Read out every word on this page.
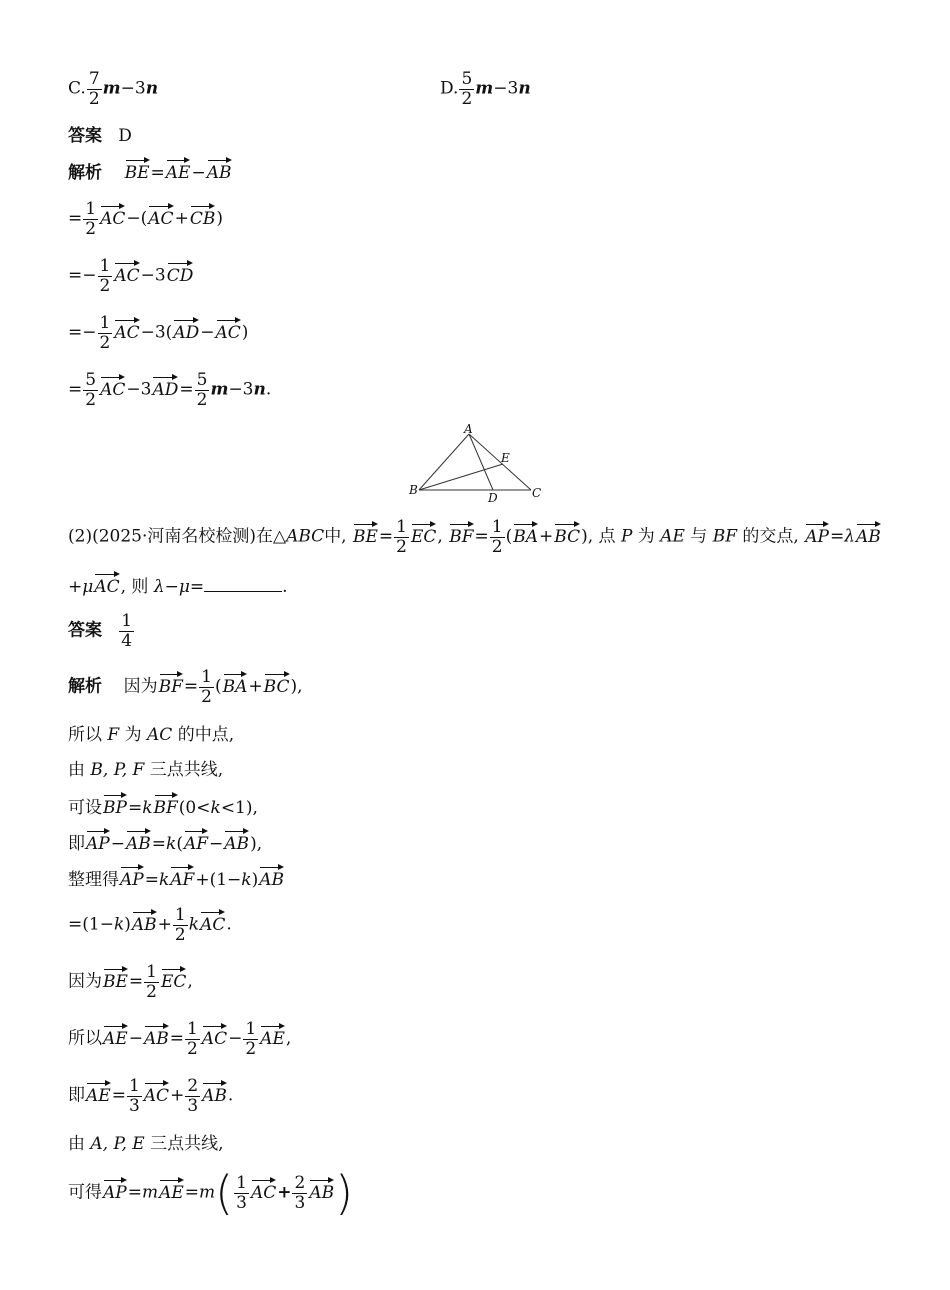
C. $\frac{7}{2} m-3n$	D. $\frac{5}{2} m-3n$
答案 D
解析 BE=AE−AB
= $\frac{1}{2} AC-(AC+CB)$
=− $\frac{1}{2} AC-3CD$
=− $\frac{1}{2} AC-3(AD-AC)$
= $\frac{5}{2} AC-3AD= \frac{5}{2} m-3n$.
A
B	C
D
E
(2)(2025·河南名校检测)在△ABC中, $BE= \frac{1}{2}$ EC, $BF= \frac{1}{2} (BA+BC)$, 点 P 为 AE 与 BF 的交点, AP=λAB
+μAC, 则 λ−μ=	.
答案 $\frac{1}{4}$
解析 因为$BF= \frac{1}{2} (BA+BC)$,
所以 F 为 AC 的中点,
由 B, P, F 三点共线,
可设BP=kBF(0<k<1),
即AP−AB=k(AF−AB),
整理得AP=kAF+(1−k)AB
$=(1-k)AB+ \frac{1}{2}$ kAC.
因为$BE= \frac{1}{2}$ EC,
所以$AE-AB= \frac{1}{2} AC- \frac{1}{2}$ AE,
即$AE= \frac{1}{3} AC+ \frac{2}{3}$ AB.
由 A, P, E 三点共线,
可得$AP=mAE=m( \frac{1}{3} AC+ \frac{2}{3} AB)$
